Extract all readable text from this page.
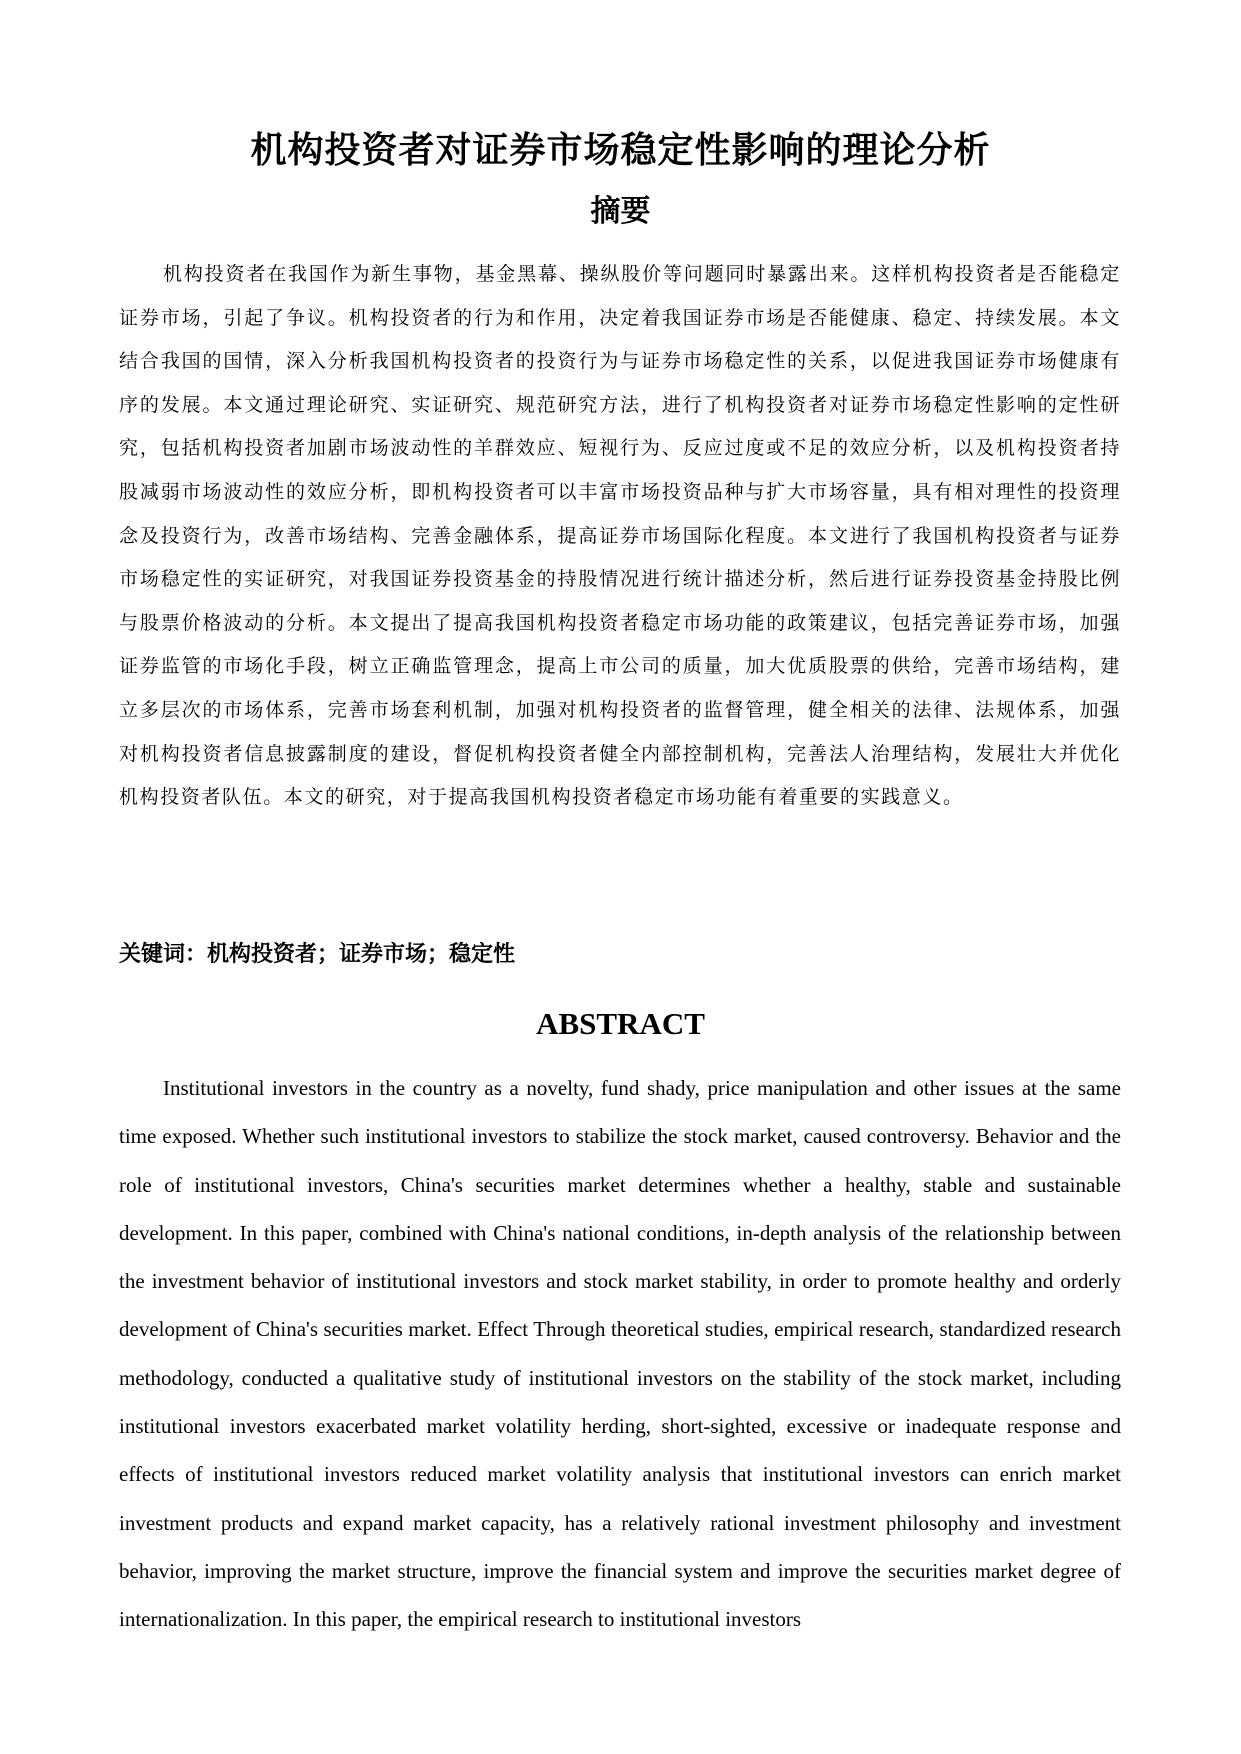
机构投资者对证券市场稳定性影响的理论分析
摘要

机构投资者在我国作为新生事物，基金黑幕、操纵股价等问题同时暴露出来。这样机构投资者是否能稳定证券市场，引起了争议。机构投资者的行为和作用，决定着我国证券市场是否能健康、稳定、持续发展。本文结合我国的国情，深入分析我国机构投资者的投资行为与证券市场稳定性的关系，以促进我国证券市场健康有序的发展。本文通过理论研究、实证研究、规范研究方法，进行了机构投资者对证券市场稳定性影响的定性研究，包括机构投资者加剧市场波动性的羊群效应、短视行为、反应过度或不足的效应分析，以及机构投资者持股减弱市场波动性的效应分析，即机构投资者可以丰富市场投资品种与扩大市场容量，具有相对理性的投资理念及投资行为，改善市场结构、完善金融体系，提高证券市场国际化程度。本文进行了我国机构投资者与证券市场稳定性的实证研究，对我国证券投资基金的持股情况进行统计描述分析，然后进行证券投资基金持股比例与股票价格波动的分析。本文提出了提高我国机构投资者稳定市场功能的政策建议，包括完善证券市场，加强证券监管的市场化手段，树立正确监管理念，提高上市公司的质量，加大优质股票的供给，完善市场结构，建立多层次的市场体系，完善市场套利机制，加强对机构投资者的监督管理，健全相关的法律、法规体系，加强对机构投资者信息披露制度的建设，督促机构投资者健全内部控制机构，完善法人治理结构，发展壮大并优化机构投资者队伍。本文的研究，对于提高我国机构投资者稳定市场功能有着重要的实践意义。

关键词：机构投资者；证券市场；稳定性
ABSTRACT

Institutional investors in the country as a novelty, fund shady, price manipulation and other issues at the same time exposed. Whether such institutional investors to stabilize the stock market, caused controversy. Behavior and the role of institutional investors, China's securities market determines whether a healthy, stable and sustainable development. In this paper, combined with China's national conditions, in-depth analysis of the relationship between the investment behavior of institutional investors and stock market stability, in order to promote healthy and orderly development of China's securities market. Effect Through theoretical studies, empirical research, standardized research methodology, conducted a qualitative study of institutional investors on the stability of the stock market, including institutional investors exacerbated market volatility herding, short-sighted, excessive or inadequate response and effects of institutional investors reduced market volatility analysis that institutional investors can enrich market investment products and expand market capacity, has a relatively rational investment philosophy and investment behavior, improving the market structure, improve the financial system and improve the securities market degree of internationalization. In this paper, the empirical research to institutional investors
